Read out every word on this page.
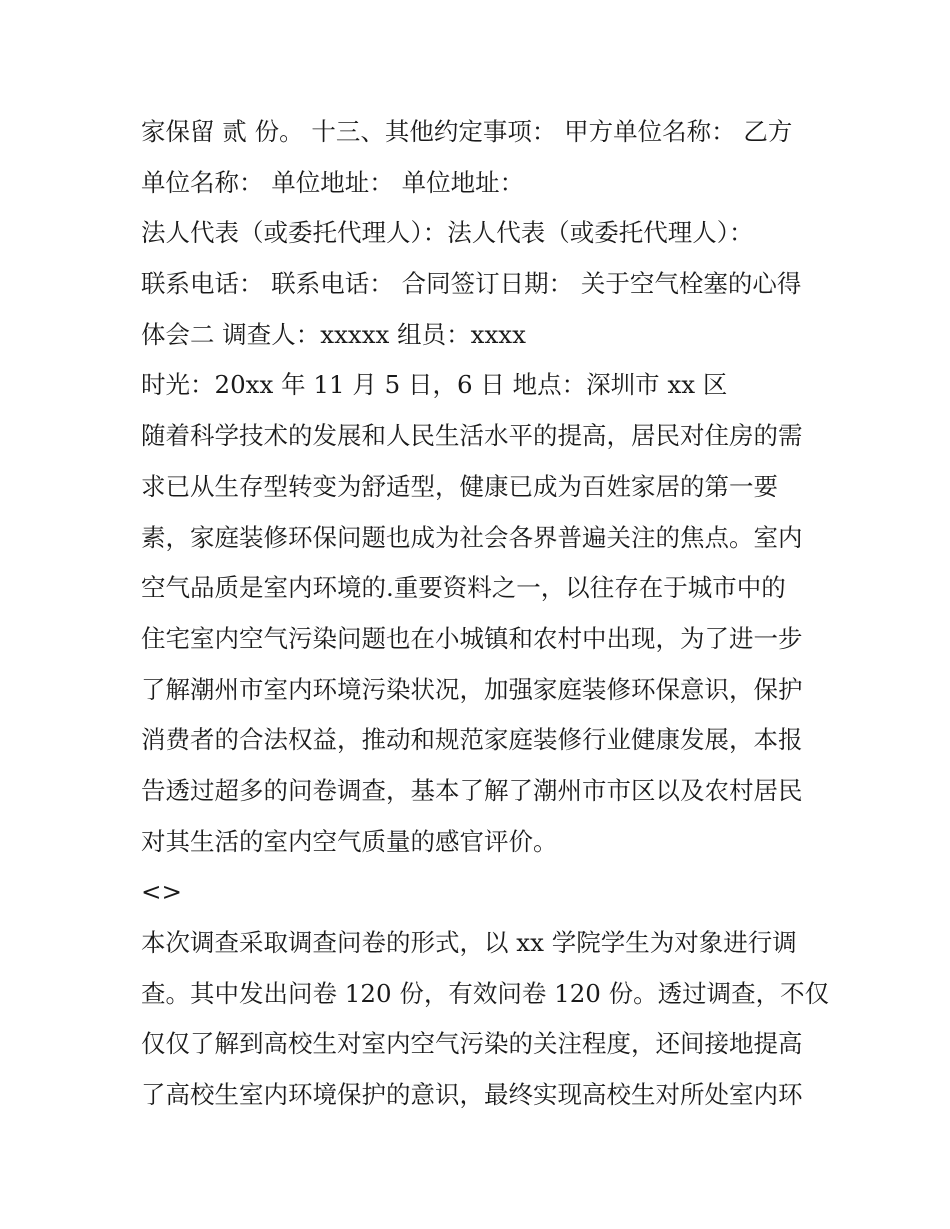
家保留 贰 份。 十三、其他约定事项： 甲方单位名称： 乙方
单位名称： 单位地址： 单位地址：
法人代表（或委托代理人）：法人代表（或委托代理人）：
联系电话： 联系电话： 合同签订日期： 关于空气栓塞的心得
体会二 调查人：xxxxx 组员：xxxx
时光：20xx 年 11 月 5 日，6 日 地点：深圳市 xx 区
随着科学技术的发展和人民生活水平的提高，居民对住房的需
求已从生存型转变为舒适型，健康已成为百姓家居的第一要
素，家庭装修环保问题也成为社会各界普遍关注的焦点。室内
空气品质是室内环境的.重要资料之一，以往存在于城市中的
住宅室内空气污染问题也在小城镇和农村中出现，为了进一步
了解潮州市室内环境污染状况，加强家庭装修环保意识，保护
消费者的合法权益，推动和规范家庭装修行业健康发展，本报
告透过超多的问卷调查，基本了解了潮州市市区以及农村居民
对其生活的室内空气质量的感官评价。
<>
本次调查采取调查问卷的形式，以 xx 学院学生为对象进行调
查。其中发出问卷 120 份，有效问卷 120 份。透过调查，不仅
仅仅了解到高校生对室内空气污染的关注程度，还间接地提高
了高校生室内环境保护的意识，最终实现高校生对所处室内环
